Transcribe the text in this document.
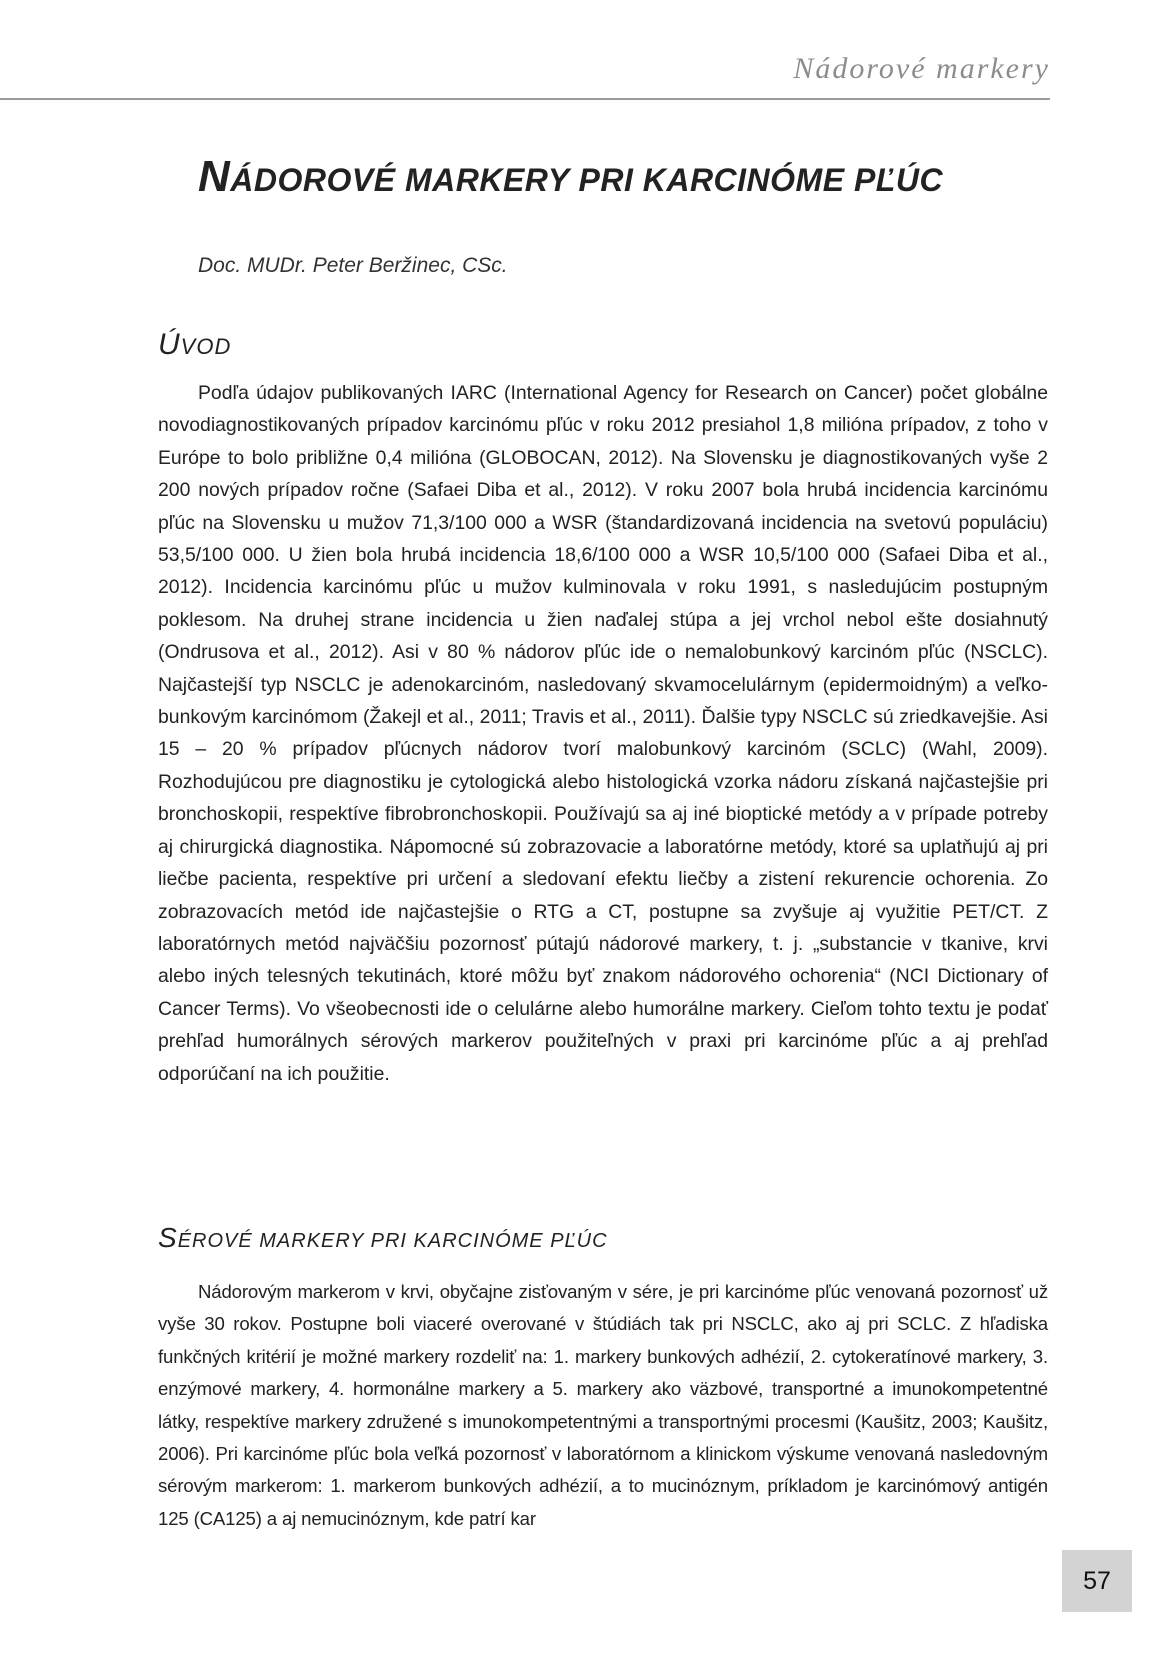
Nádorové markery
NÁDOROVÉ MARKERY PRI KARCINÓME PĽÚC
Doc. MUDr. Peter Beržinec, CSc.
ÚVOD

Podľa údajov publikovaných IARC (International Agency for Research on Cancer) počet globálne novodiagnostikovaných prípadov karcinómu pľúc v roku 2012 presiahol 1,8 milióna prípadov, z toho v Európe to bolo približne 0,4 milióna (GLOBOCAN, 2012). Na Slovensku je diagnostikovaných vyše 2 200 nových prípadov ročne (Safaei Diba et al., 2012). V roku 2007 bola hrubá incidencia karcinómu pľúc na Slovensku u mužov 71,3/100 000 a WSR (štandardizovaná incidencia na svetovú populáciu) 53,5/100 000. U žien bola hrubá incidencia 18,6/100 000 a WSR 10,5/100 000 (Safaei Diba et al., 2012). Incidencia karcinómu pľúc u mužov kulminovala v roku 1991, s nasledujúcim postupným poklesom. Na druhej strane incidencia u žien naďalej stúpa a jej vrchol nebol ešte dosiahnutý (Ondrusova et al., 2012). Asi v 80 % nádorov pľúc ide o nemalobunkový karcinóm pľúc (NSCLC). Najčastejší typ NSCLC je adenokarcinóm, nasledovaný skvamocelulárnym (epidermoidným) a veľkobunkovým karcinómom (Žakejl et al., 2011; Travis et al., 2011). Ďalšie typy NSCLC sú zriedkavejšie. Asi 15 – 20 % prípadov pľúcnych nádorov tvorí malobunkový karcinóm (SCLC) (Wahl, 2009). Rozhodujúcou pre diagnostiku je cytologická alebo histologická vzorka nádoru získaná najčastejšie pri bronchoskopii, respektíve fibrobronchoskopii. Používajú sa aj iné bioptické metódy a v prípade potreby aj chirurgická diagnostika. Nápomocné sú zobrazovacie a laboratórne metódy, ktoré sa uplatňujú aj pri liečbe pacienta, respektíve pri určení a sledovaní efektu liečby a zistení rekurencie ochorenia. Zo zobrazovacích metód ide najčastejšie o RTG a CT, postupne sa zvyšuje aj využitie PET/CT. Z laboratórnych metód najväčšiu pozornosť pútajú nádorové markery, t. j. „substancie v tkanive, krvi alebo iných telesných tekutinách, ktoré môžu byť znakom nádorového ochorenia“ (NCI Dictionary of Cancer Terms). Vo všeobecnosti ide o celulárne alebo humorálne markery. Cieľom tohto textu je podať prehľad humorálnych sérových markerov použiteľných v praxi pri karcinóme pľúc a aj prehľad odporúčaní na ich použitie.

SÉROVÉ MARKERY PRI KARCINÓME PĽÚC

Nádorovým markerom v krvi, obyčajne zisťovaným v sére, je pri karcinóme pľúc venovaná pozornosť už vyše 30 rokov. Postupne boli viaceré overované v štúdiách tak pri NSCLC, ako aj pri SCLC. Z hľadiska funkčných kritérií je možné markery rozdeliť na: 1. markery bunkových adhézií, 2. cytokeratínové markery, 3. enzýmové markery, 4. hormonálne markery a 5. markery ako väzbové, transportné a imunokompetentné látky, respektíve markery združené s imunokompetentnými a transportnými procesmi (Kaušitz, 2003; Kaušitz, 2006). Pri karcinóme pľúc bola veľká pozornosť v laboratórnom a klinickom výskume venovaná nasledovným sérovým markerom: 1. markerom bunkových adhézií, a to mucinóznym, príkladom je karcinómový antigén 125 (CA125) a aj nemucinóznym, kde patrí kar

57
